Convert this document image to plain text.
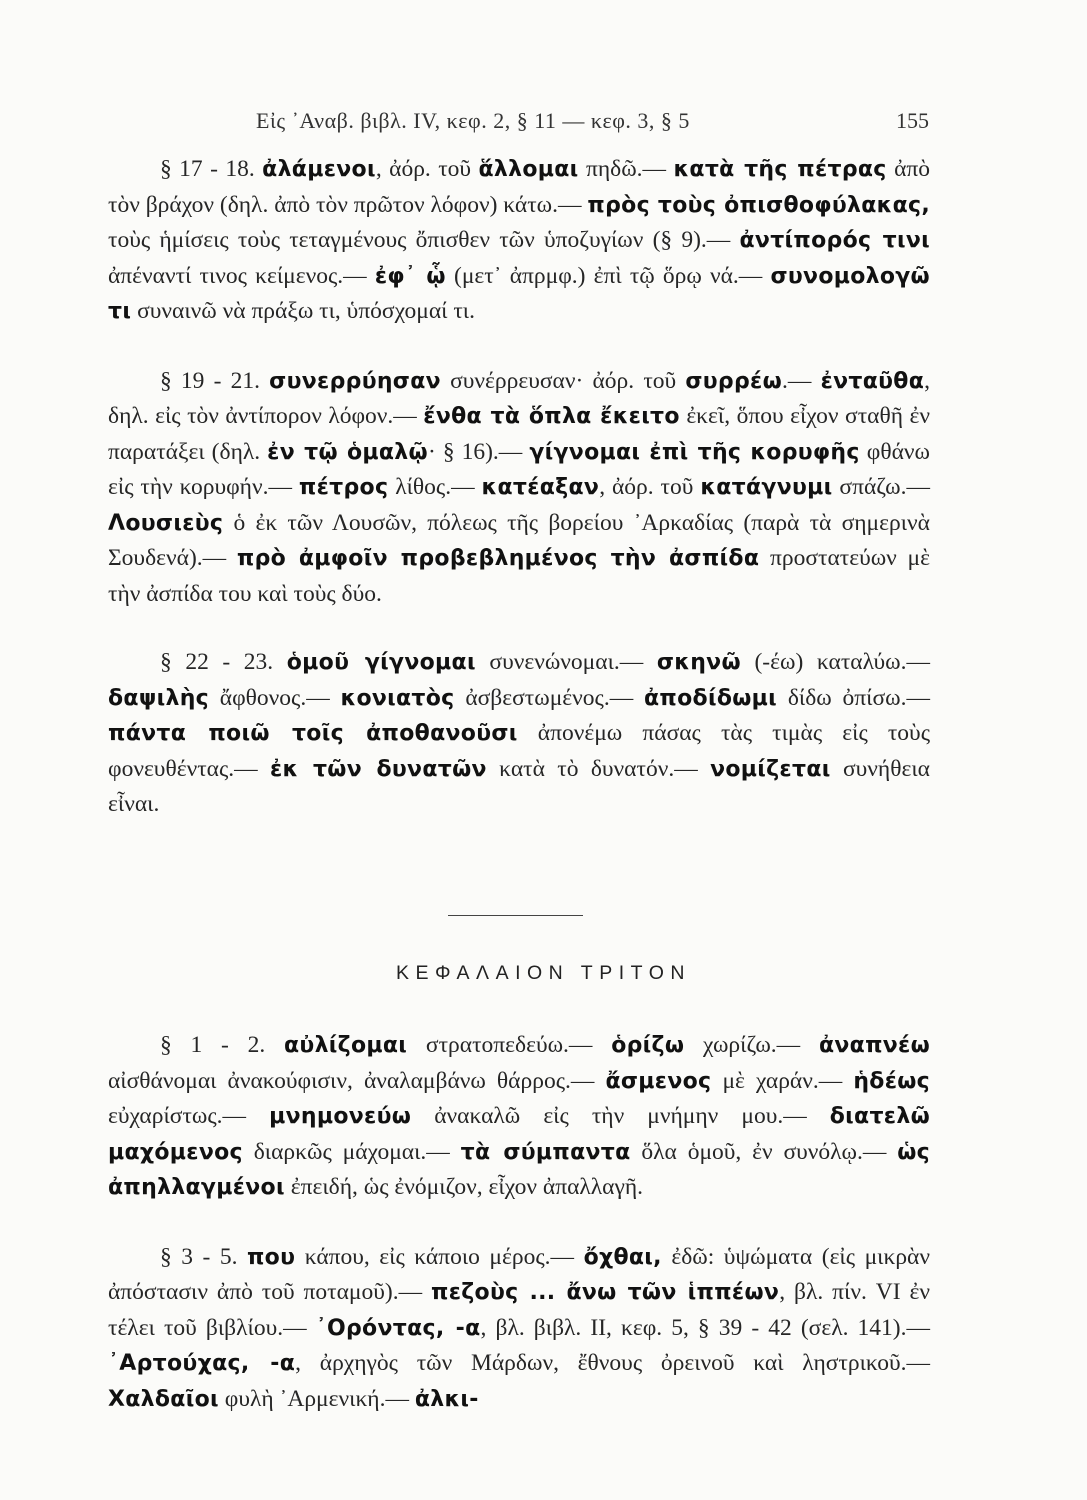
Εἰς ᾿Αναβ. βιβλ. IV, κεφ. 2, § 11 — κεφ. 3, § 5	155

§ 17 - 18. ἀλάμενοι, ἀόρ. τοῦ ἅλλομαι πηδῶ.— κατὰ τῆς πέτρας ἀπὸ τὸν βράχον (δηλ. ἀπὸ τὸν πρῶτον λόφον) κάτω.— πρὸς τοὺς ὀπισθοφύλακας, τοὺς ἡμίσεις τοὺς τεταγμένους ὄπισθεν τῶν ὑποζυγίων (§ 9).— ἀντίπορός τινι ἀπέναντί τινος κείμενος.— ἐφ᾽ ᾧ (μετ᾽ ἀπρμφ.) ἐπὶ τῷ ὅρῳ νά.— συνομολογῶ τι συναινῶ νὰ πράξω τι, ὑπόσχομαί τι.

§ 19 - 21. συνερρύησαν συνέρρευσαν· ἀόρ. τοῦ συρρέω.— ἐνταῦθα, δηλ. εἰς τὸν ἀντίπορον λόφον.— ἔνθα τὰ ὅπλα ἔκειτο ἐκεῖ, ὅπου εἶχον σταθῆ ἐν παρατάξει (δηλ. ἐν τῷ ὁμαλῷ· § 16).— γίγνομαι ἐπὶ τῆς κορυφῆς φθάνω εἰς τὴν κορυφήν.— πέτρος λίθος.— κατέαξαν, ἀόρ. τοῦ κατάγνυμι σπάζω.— Λουσιεὺς ὁ ἐκ τῶν Λουσῶν, πόλεως τῆς βορείου ᾿Αρκαδίας (παρὰ τὰ σημερινὰ Σουδενά).— πρὸ ἀμφοῖν προβεβλημένος τὴν ἀσπίδα προστατεύων μὲ τὴν ἀσπίδα του καὶ τοὺς δύο.

§ 22 - 23. ὁμοῦ γίγνομαι συνενώνομαι.— σκηνῶ (-έω) καταλύω.— δαψιλὴς ἄφθονος.— κονιατὸς ἀσβεστωμένος.— ἀποδίδωμι δίδω ὀπίσω.— πάντα ποιῶ τοῖς ἀποθανοῦσι ἀπονέμω πάσας τὰς τιμὰς εἰς τοὺς φονευθέντας.— ἐκ τῶν δυνατῶν κατὰ τὸ δυνατόν.— νομίζεται συνήθεια εἶναι.

ΚΕΦΑΛΑΙΟΝ ΤΡΙΤΟΝ

§ 1 - 2. αὐλίζομαι στρατοπεδεύω.— ὁρίζω χωρίζω.— ἀναπνέω αἰσθάνομαι ἀνακούφισιν, ἀναλαμβάνω θάρρος.— ἄσμενος μὲ χαράν.— ἡδέως εὐχαρίστως.— μνημονεύω ἀνακαλῶ εἰς τὴν μνήμην μου.— διατελῶ μαχόμενος διαρκῶς μάχομαι.— τὰ σύμπαντα ὅλα ὁμοῦ, ἐν συνόλῳ.— ὡς ἀπηλλαγμένοι ἐπειδή, ὡς ἐνόμιζον, εἶχον ἀπαλλαγῆ.

§ 3 - 5. που κάπου, εἰς κάποιο μέρος.— ὄχθαι, ἐδῶ: ὑψώματα (εἰς μικρὰν ἀπόστασιν ἀπὸ τοῦ ποταμοῦ).— πεζοὺς ... ἄνω τῶν ἱππέων, βλ. πίν. VI ἐν τέλει τοῦ βιβλίου.— ᾿Ορόντας, -α, βλ. βιβλ. II, κεφ. 5, § 39 - 42 (σελ. 141).— ᾿Αρτούχας, -α, ἀρχηγὸς τῶν Μάρδων, ἔθνους ὀρεινοῦ καὶ ληστρικοῦ.— Χαλδαῖοι φυλὴ ᾿Αρμενική.— ἀλκι-
